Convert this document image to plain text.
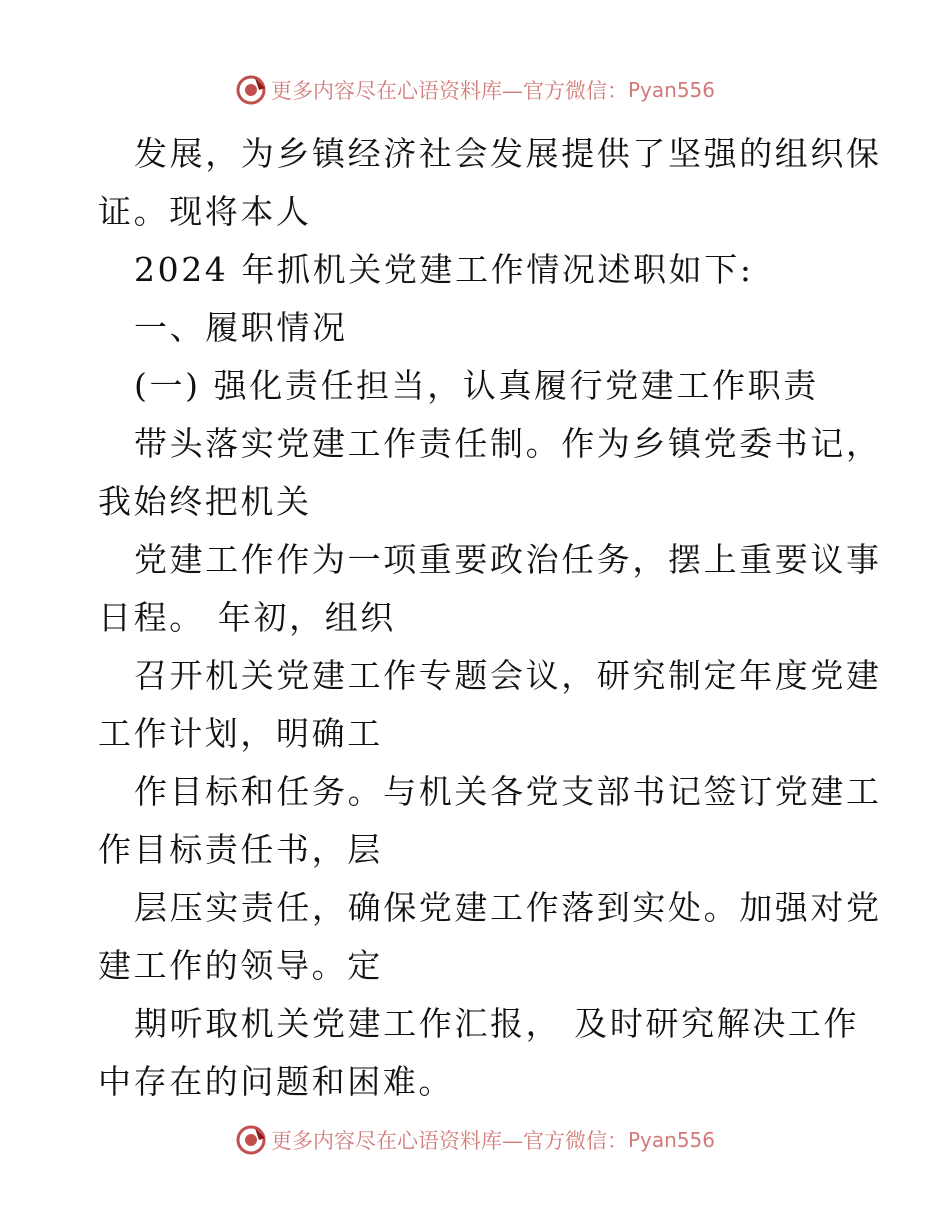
更多内容尽在心语资料库—官方微信： Pyan556
发展，为乡镇经济社会发展提供了坚强的组织保
证。现将本人
2024 年抓机关党建工作情况述职如下:
一、履职情况
(一) 强化责任担当，认真履行党建工作职责
带头落实党建工作责任制。作为乡镇党委书记，
我始终把机关
党建工作作为一项重要政治任务，摆上重要议事
日程。 年初，组织
召开机关党建工作专题会议，研究制定年度党建
工作计划，明确工
作目标和任务。与机关各党支部书记签订党建工
作目标责任书，层
层压实责任，确保党建工作落到实处。加强对党
建工作的领导。定
期听取机关党建工作汇报， 及时研究解决工作
中存在的问题和困难。
更多内容尽在心语资料库—官方微信： Pyan556
